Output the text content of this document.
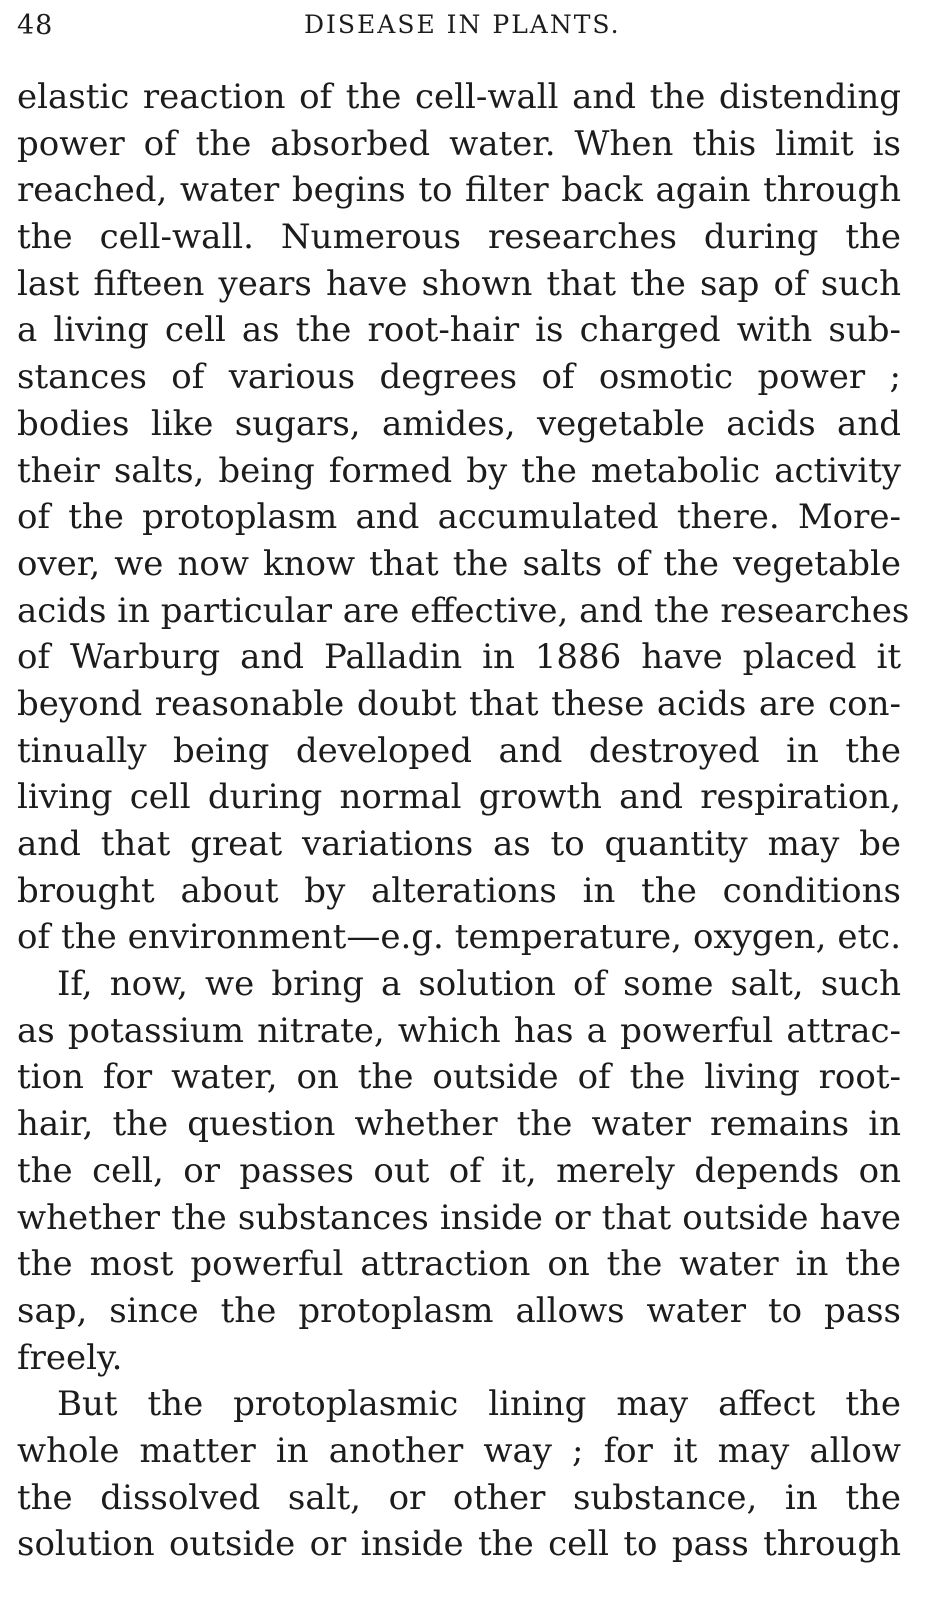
48	DISEASE IN PLANTS.
elastic reaction of the cell-wall and the distending
power of the absorbed water. When this limit is
reached, water begins to filter back again through
the cell-wall. Numerous researches during the
last fifteen years have shown that the sap of such
a living cell as the root-hair is charged with sub-
stances of various degrees of osmotic power ;
bodies like sugars, amides, vegetable acids and
their salts, being formed by the metabolic activity
of the protoplasm and accumulated there. More-
over, we now know that the salts of the vegetable
acids in particular are effective, and the researches
of Warburg and Palladin in 1886 have placed it
beyond reasonable doubt that these acids are con-
tinually being developed and destroyed in the
living cell during normal growth and respiration,
and that great variations as to quantity may be
brought about by alterations in the conditions
of the environment—e.g. temperature, oxygen, etc.
If, now, we bring a solution of some salt, such
as potassium nitrate, which has a powerful attrac-
tion for water, on the outside of the living root-
hair, the question whether the water remains in
the cell, or passes out of it, merely depends on
whether the substances inside or that outside have
the most powerful attraction on the water in the
sap, since the protoplasm allows water to pass
freely.
But the protoplasmic lining may affect the
whole matter in another way ; for it may allow
the dissolved salt, or other substance, in the
solution outside or inside the cell to pass through
